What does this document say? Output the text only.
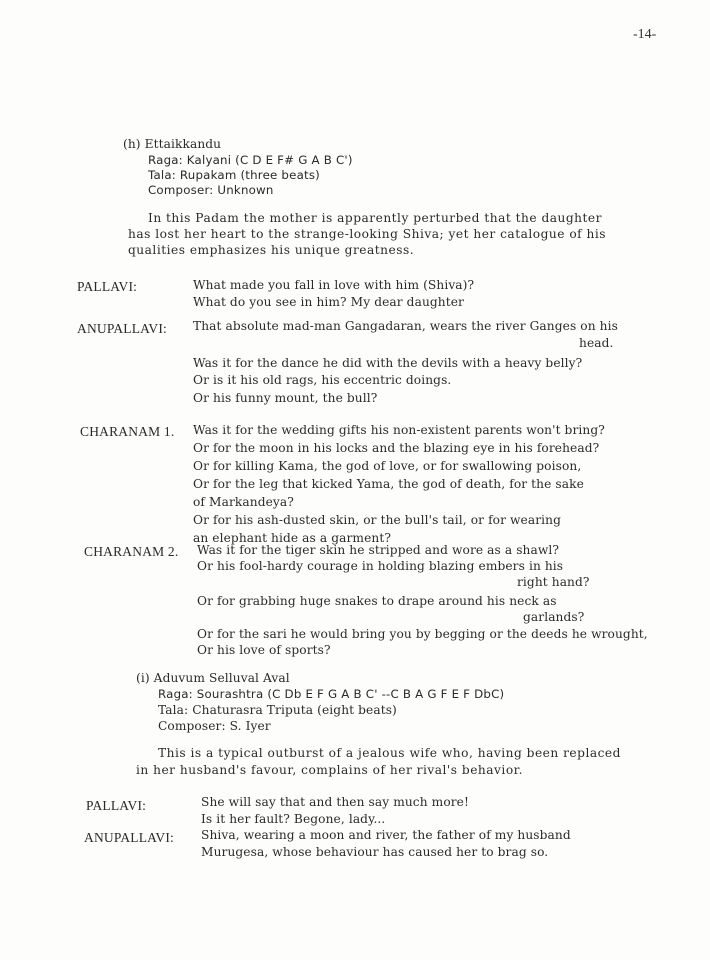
-14-
(h) Ettaikkandu
Raga: Kalyani (C D E F# G A B C')
Tala: Rupakam (three beats)
Composer: Unknown
In this Padam the mother is apparently perturbed that the daughter
has lost her heart to the strange-looking Shiva; yet her catalogue of his
qualities emphasizes his unique greatness.
PALLAVI:	What made you fall in love with him (Shiva)?
What do you see in him? My dear daughter
ANUPALLAVI: That absolute mad-man Gangadaran, wears the river Ganges on his
head.
Was it for the dance he did with the devils with a heavy belly?
Or is it his old rags, his eccentric doings.
Or his funny mount, the bull?
CHARANAM 1. Was it for the wedding gifts his non-existent parents won't bring?
Or for the moon in his locks and the blazing eye in his forehead?
Or for killing Kama, the god of love, or for swallowing poison,
Or for the leg that kicked Yama, the god of death, for the sake
of Markandeya?
Or for his ash-dusted skin, or the bull's tail, or for wearing
an elephant hide as a garment?
CHARANAM 2. Was it for the tiger skin he stripped and wore as a shawl?
Or his fool-hardy courage in holding blazing embers in his
right hand?
Or for grabbing huge snakes to drape around his neck as
garlands?
Or for the sari he would bring you by begging or the deeds he wrought,
Or his love of sports?
(i) Aduvum Selluval Aval
Raga: Sourashtra (C Db E F G A B C' --C B A G F E F DbC)
Tala: Chaturasra Triputa (eight beats)
Composer: S. Iyer
This is a typical outburst of a jealous wife who, having been replaced
in her husband's favour, complains of her rival's behavior.
PALLAVI:	She will say that and then say much more!
Is it her fault? Begone, lady...
ANUPALLAVI: Shiva, wearing a moon and river, the father of my husband
Murugesa, whose behaviour has caused her to brag so.
